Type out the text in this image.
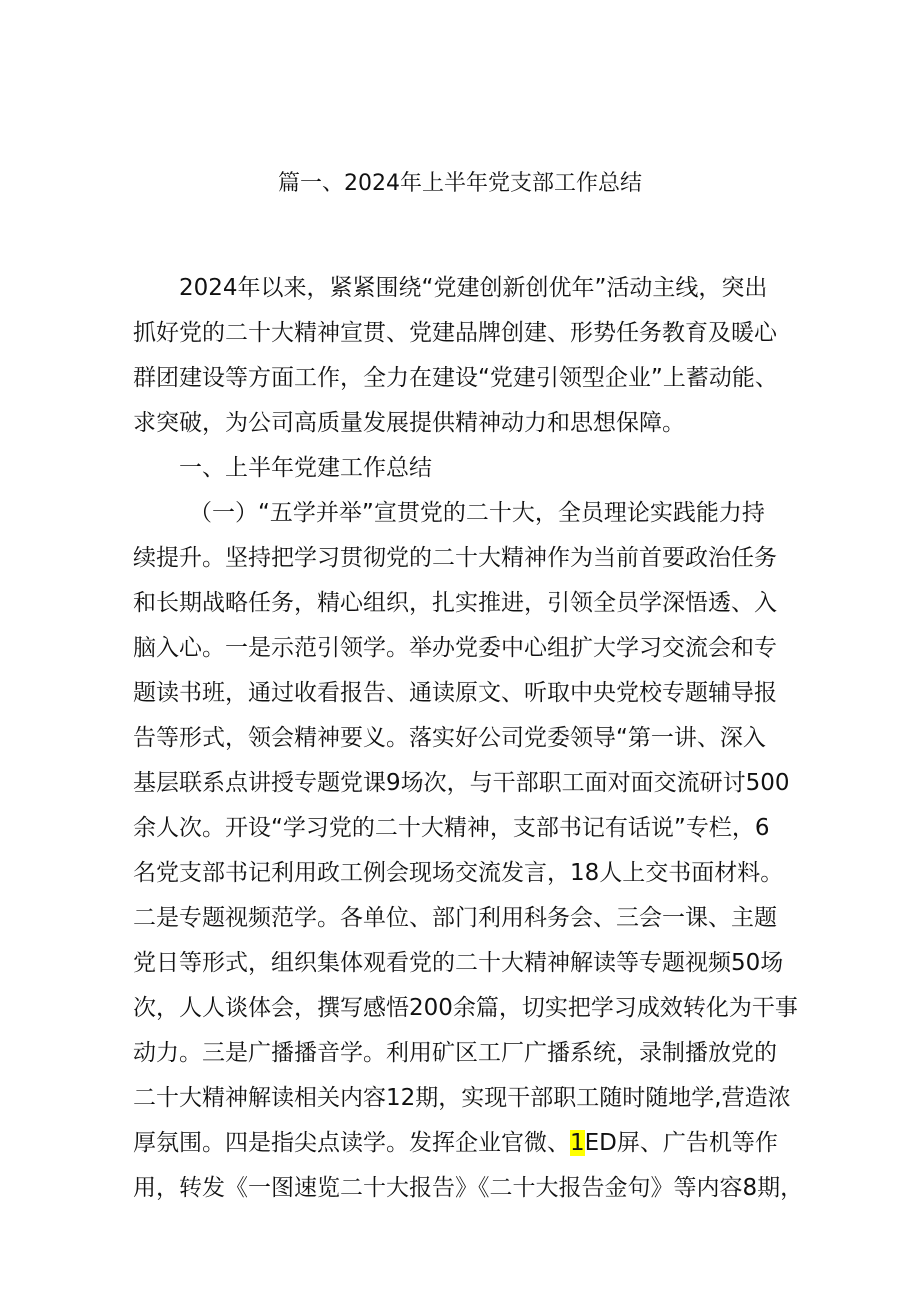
篇一、2024年上半年党支部工作总结
2024年以来，紧紧围绕“党建创新创优年”活动主线，突出
抓好党的二十大精神宣贯、党建品牌创建、形势任务教育及暖心
群团建设等方面工作，全力在建设“党建引领型企业”上蓄动能、
求突破，为公司高质量发展提供精神动力和思想保障。
一、上半年党建工作总结
（一）“五学并举”宣贯党的二十大，全员理论实践能力持
续提升。坚持把学习贯彻党的二十大精神作为当前首要政治任务
和长期战略任务，精心组织，扎实推进，引领全员学深悟透、入
脑入心。一是示范引领学。举办党委中心组扩大学习交流会和专
题读书班，通过收看报告、通读原文、听取中央党校专题辅导报
告等形式，领会精神要义。落实好公司党委领导“第一讲、深入
基层联系点讲授专题党课9场次，与干部职工面对面交流研讨500
余人次。开设“学习党的二十大精神，支部书记有话说”专栏，6
名党支部书记利用政工例会现场交流发言，18人上交书面材料。
二是专题视频范学。各单位、部门利用科务会、三会一课、主题
党日等形式，组织集体观看党的二十大精神解读等专题视频50场
次，人人谈体会，撰写感悟200余篇，切实把学习成效转化为干事
动力。三是广播播音学。利用矿区工厂广播系统，录制播放党的
二十大精神解读相关内容12期，实现干部职工随时随地学,营造浓
厚氛围。四是指尖点读学。发挥企业官微、1ED屏、广告机等作
用，转发《一图速览二十大报告》《二十大报告金句》等内容8期，
